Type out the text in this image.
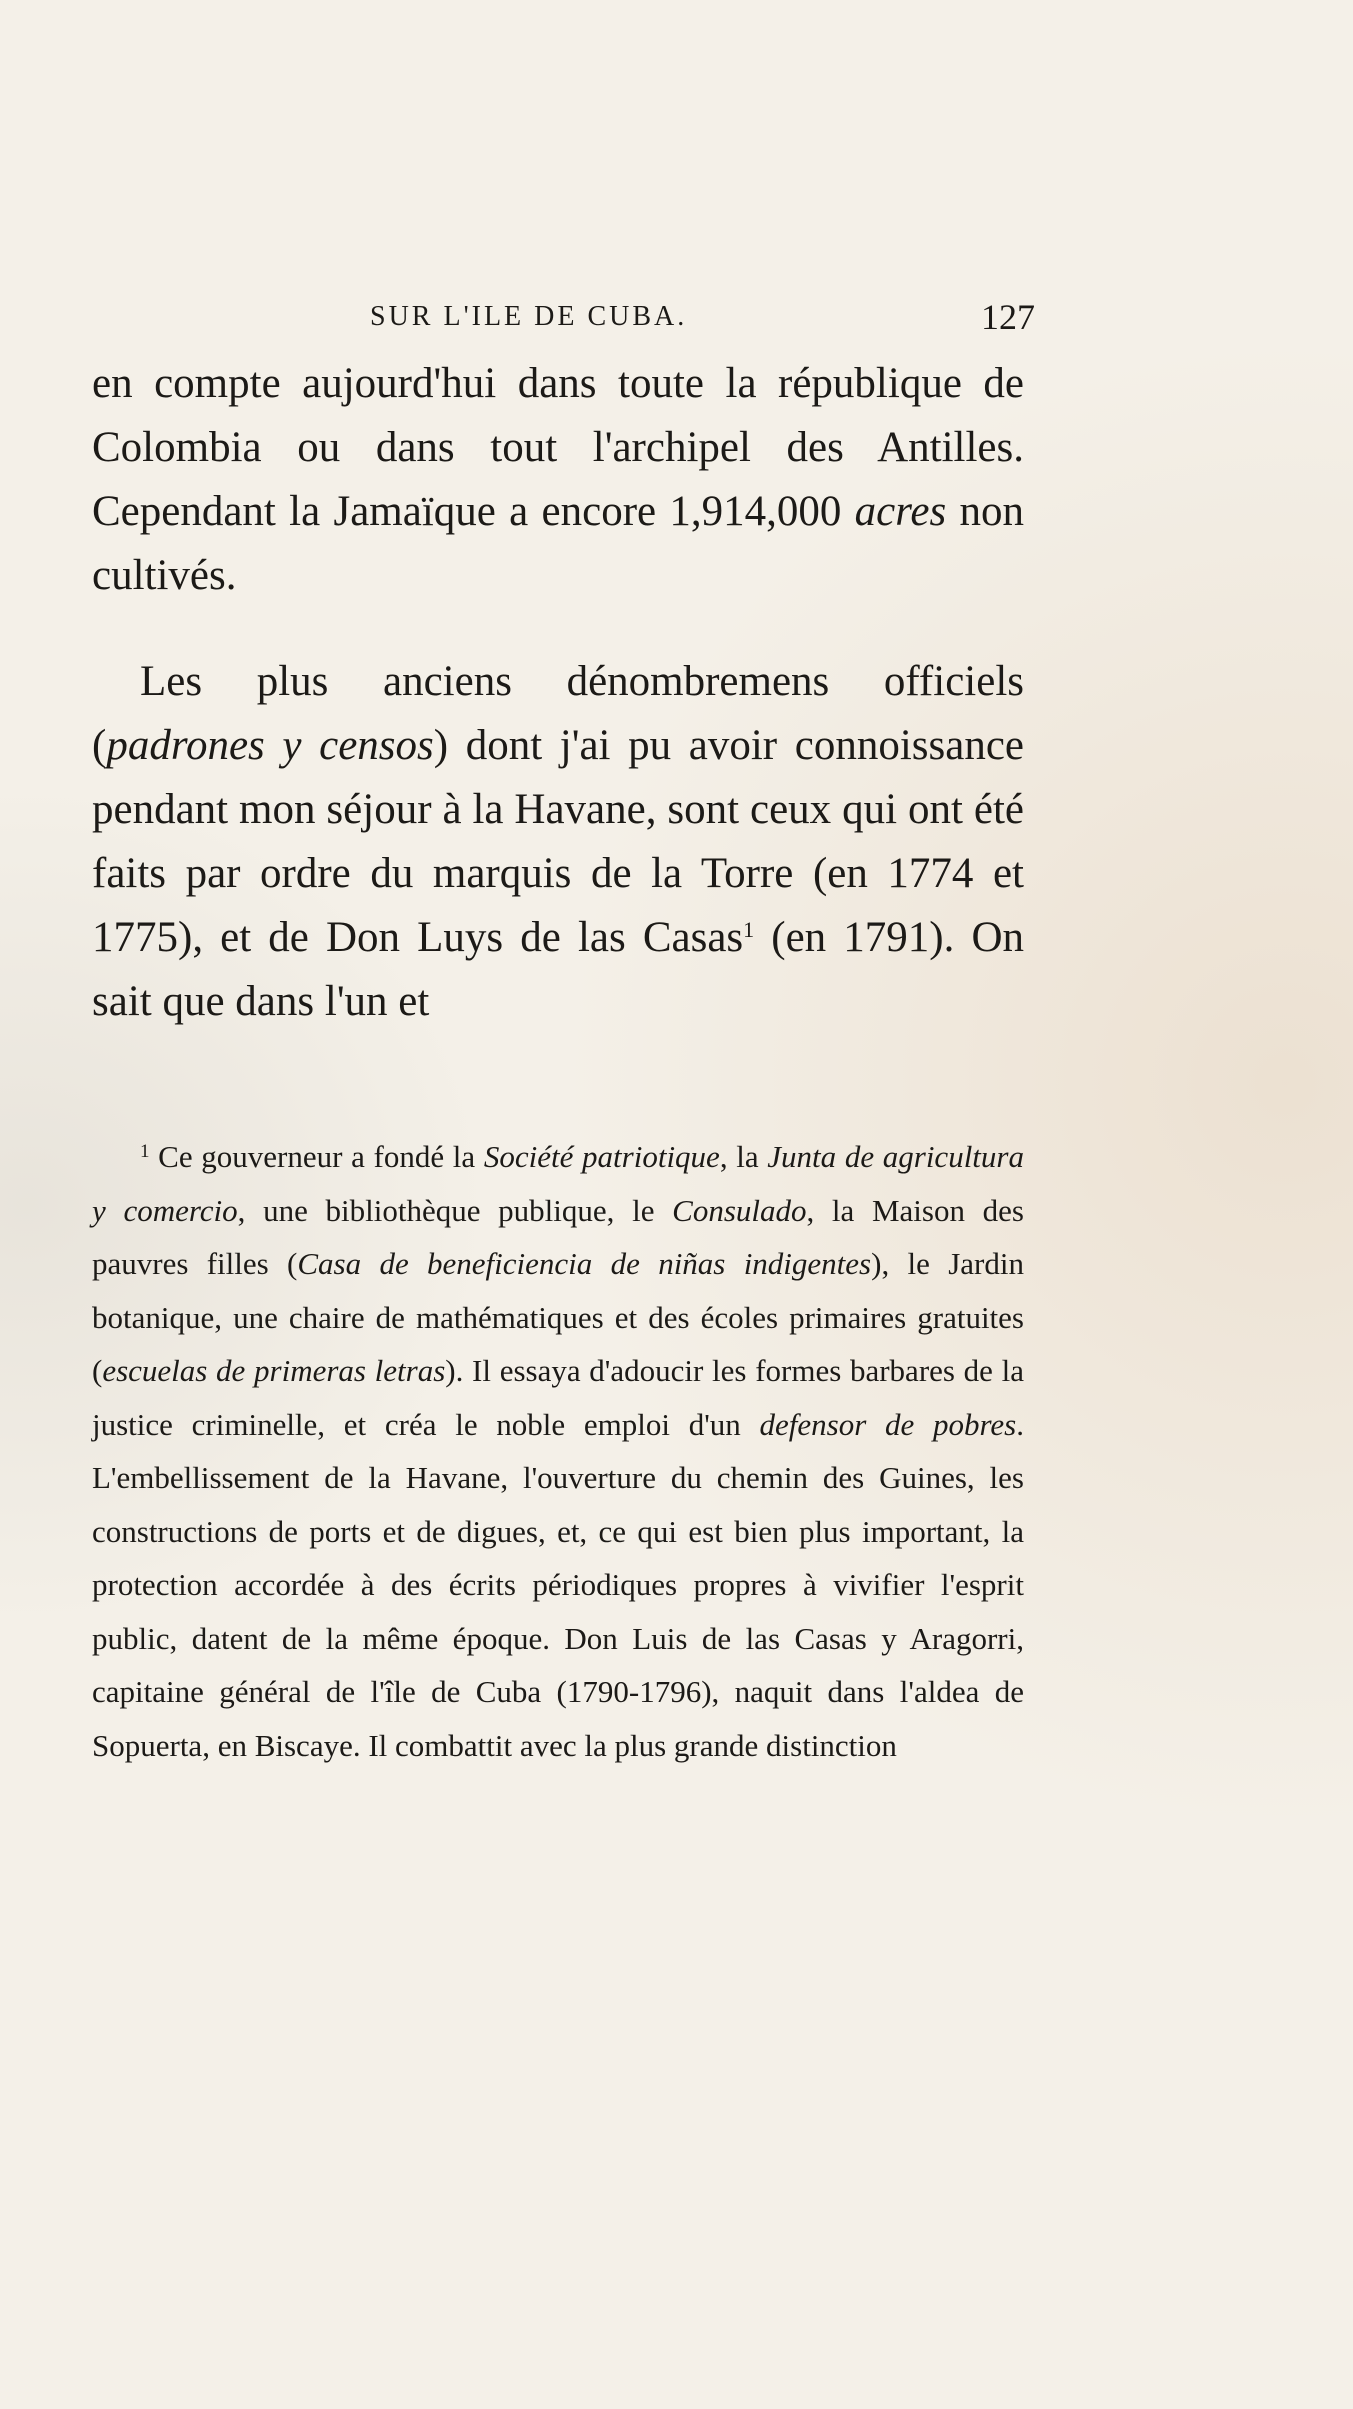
SUR L'ILE DE CUBA.	127

en compte aujourd'hui dans toute la république de Colombia ou dans tout l'archipel des Antilles. Cependant la Jamaïque a encore 1,914,000 acres non cultivés.

Les plus anciens dénombremens officiels (padrones y censos) dont j'ai pu avoir connoissance pendant mon séjour à la Havane, sont ceux qui ont été faits par ordre du marquis de la Torre (en 1774 et 1775), et de Don Luys de las Casas$^1$ (en 1791). On sait que dans l'un et

$^1$ Ce gouverneur a fondé la Société patriotique, la Junta de agricultura y comercio, une bibliothèque publique, le Consulado, la Maison des pauvres filles (Casa de beneficiencia de niñas indigentes), le Jardin botanique, une chaire de mathématiques et des écoles primaires gratuites (escuelas de primeras letras). Il essaya d'adoucir les formes barbares de la justice criminelle, et créa le noble emploi d'un defensor de pobres. L'embellissement de la Havane, l'ouverture du chemin des Guines, les constructions de ports et de digues, et, ce qui est bien plus important, la protection accordée à des écrits périodiques propres à vivifier l'esprit public, datent de la même époque. Don Luis de las Casas y Aragorri, capitaine général de l'île de Cuba (1790-1796), naquit dans l'aldea de Sopuerta, en Biscaye. Il combattit avec la plus grande distinction
